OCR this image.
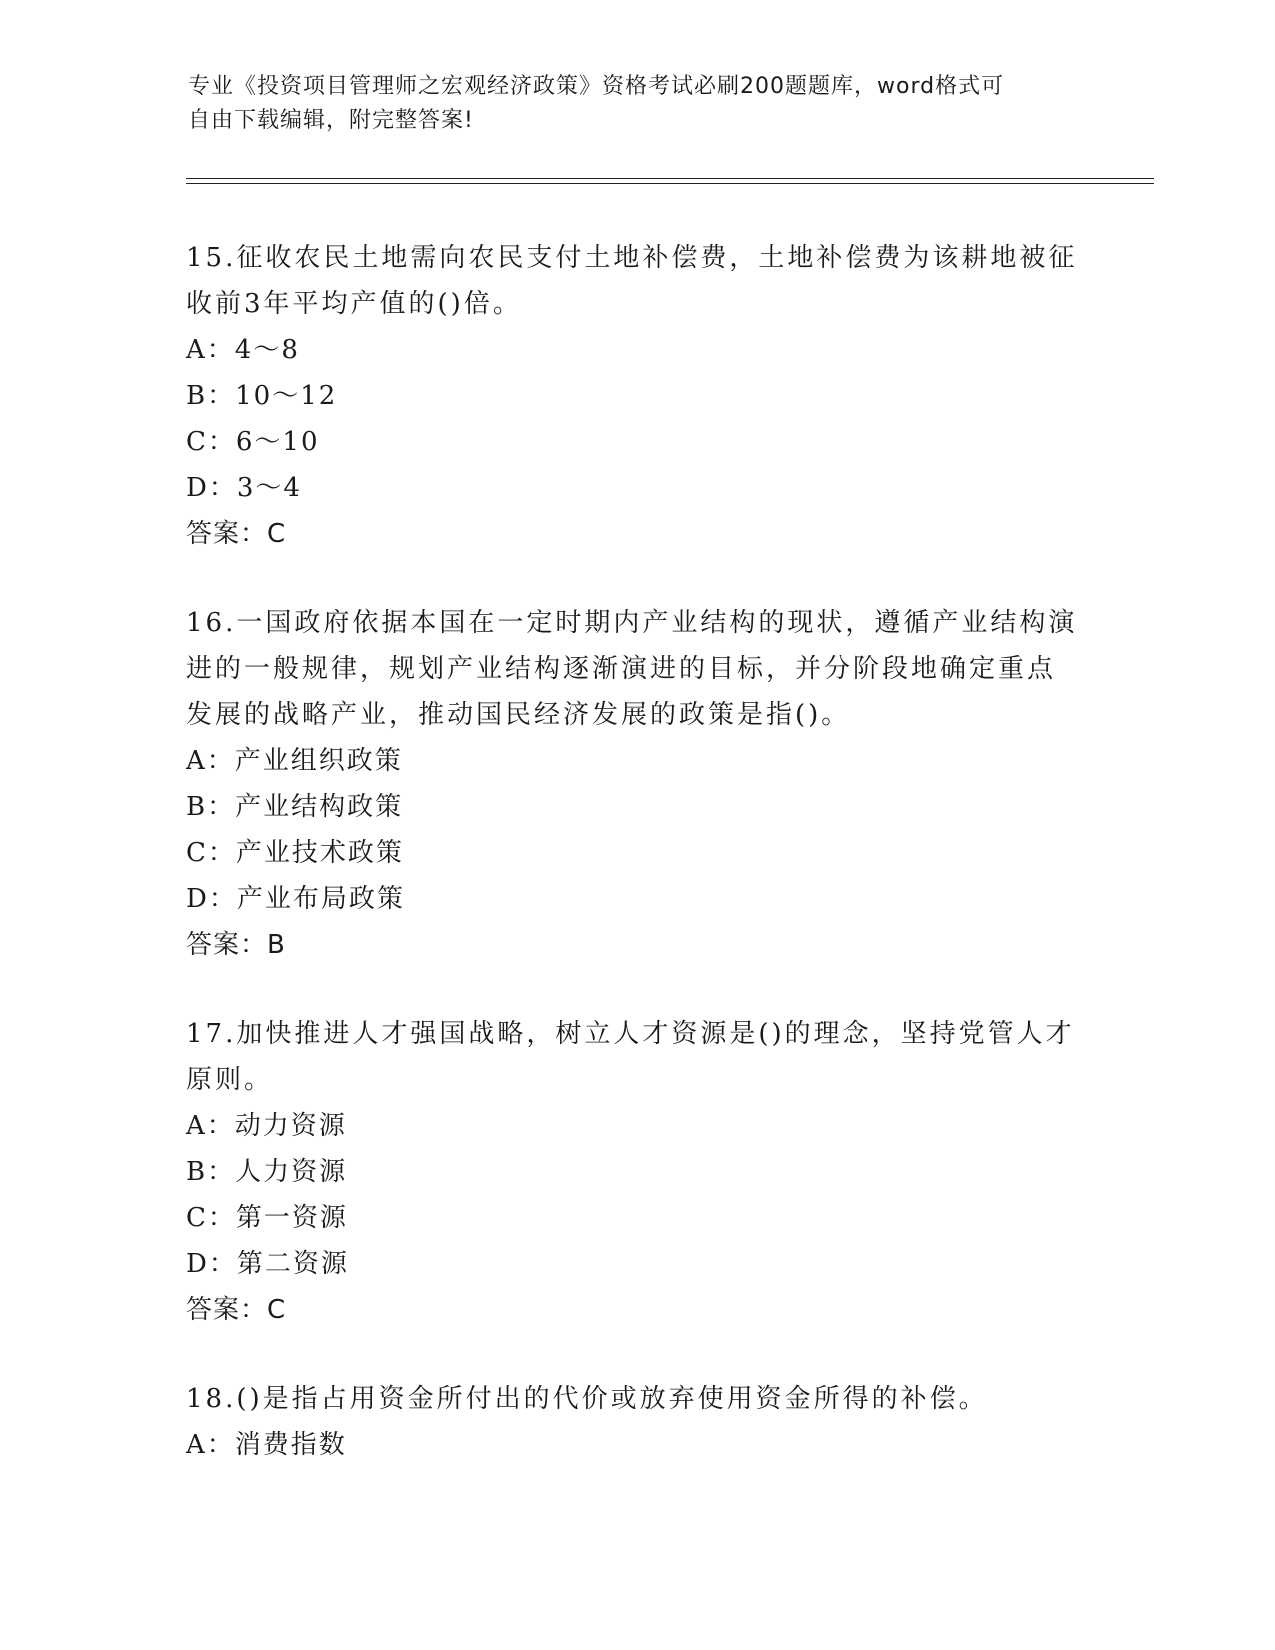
专业《投资项目管理师之宏观经济政策》资格考试必刷200题题库，word格式可
自由下载编辑，附完整答案!
15.征收农民土地需向农民支付土地补偿费，土地补偿费为该耕地被征
收前3年平均产值的()倍。
A：4～8
B：10～12
C：6～10
D：3～4
答案：C
16.一国政府依据本国在一定时期内产业结构的现状，遵循产业结构演
进的一般规律，规划产业结构逐渐演进的目标，并分阶段地确定重点
发展的战略产业，推动国民经济发展的政策是指()。
A：产业组织政策
B：产业结构政策
C：产业技术政策
D：产业布局政策
答案：B
17.加快推进人才强国战略，树立人才资源是()的理念，坚持党管人才
原则。
A：动力资源
B：人力资源
C：第一资源
D：第二资源
答案：C
18.()是指占用资金所付出的代价或放弃使用资金所得的补偿。
A：消费指数
